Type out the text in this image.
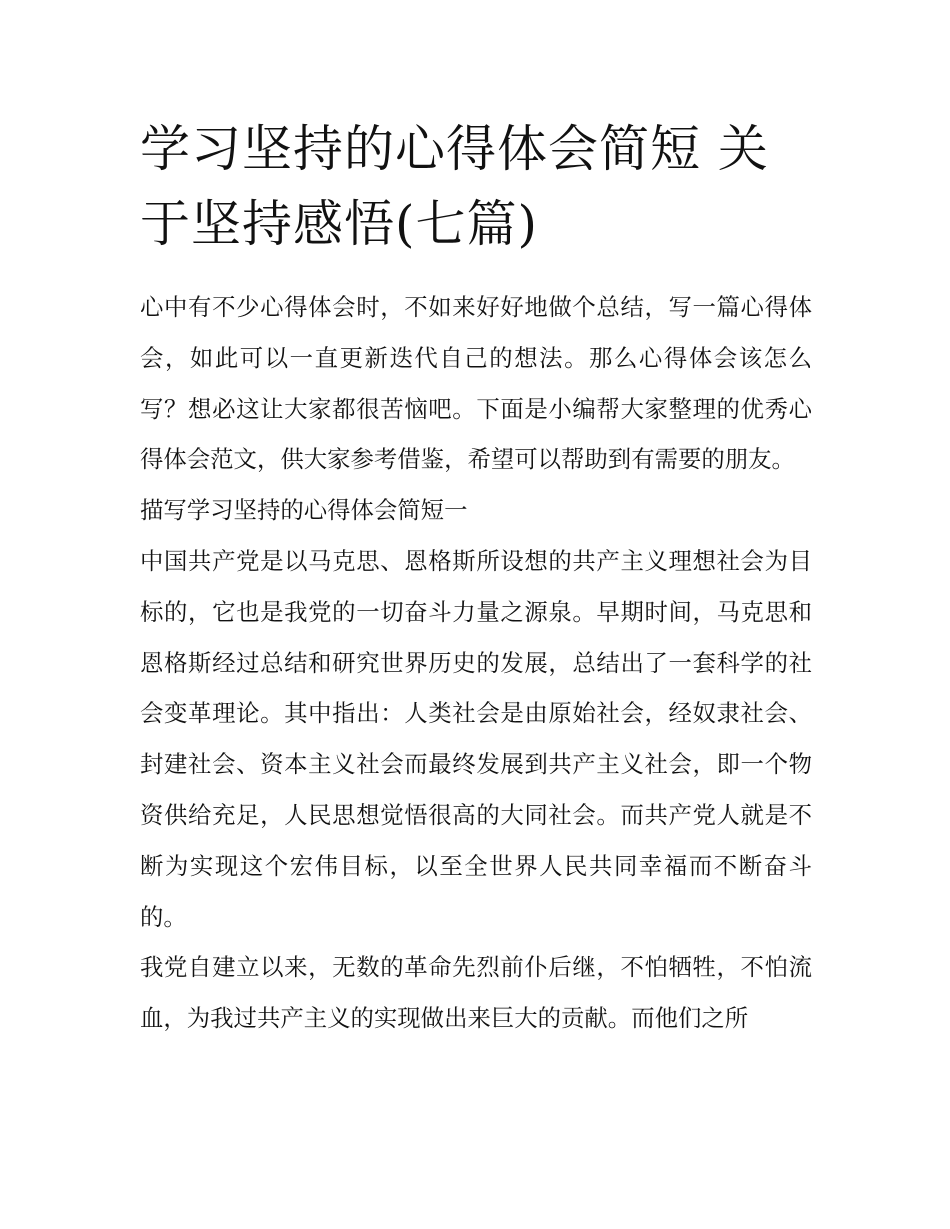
学习坚持的心得体会简短 关于坚持感悟(七篇)

心中有不少心得体会时，不如来好好地做个总结，写一篇心得体会，如此可以一直更新迭代自己的想法。那么心得体会该怎么写？想必这让大家都很苦恼吧。下面是小编帮大家整理的优秀心得体会范文，供大家参考借鉴，希望可以帮助到有需要的朋友。

描写学习坚持的心得体会简短一

中国共产党是以马克思、恩格斯所设想的共产主义理想社会为目标的，它也是我党的一切奋斗力量之源泉。早期时间，马克思和恩格斯经过总结和研究世界历史的发展，总结出了一套科学的社会变革理论。其中指出：人类社会是由原始社会，经奴隶社会、封建社会、资本主义社会而最终发展到共产主义社会，即一个物资供给充足，人民思想觉悟很高的大同社会。而共产党人就是不断为实现这个宏伟目标，以至全世界人民共同幸福而不断奋斗的。

我党自建立以来，无数的革命先烈前仆后继，不怕牺牲，不怕流血，为我过共产主义的实现做出来巨大的贡献。而他们之所
